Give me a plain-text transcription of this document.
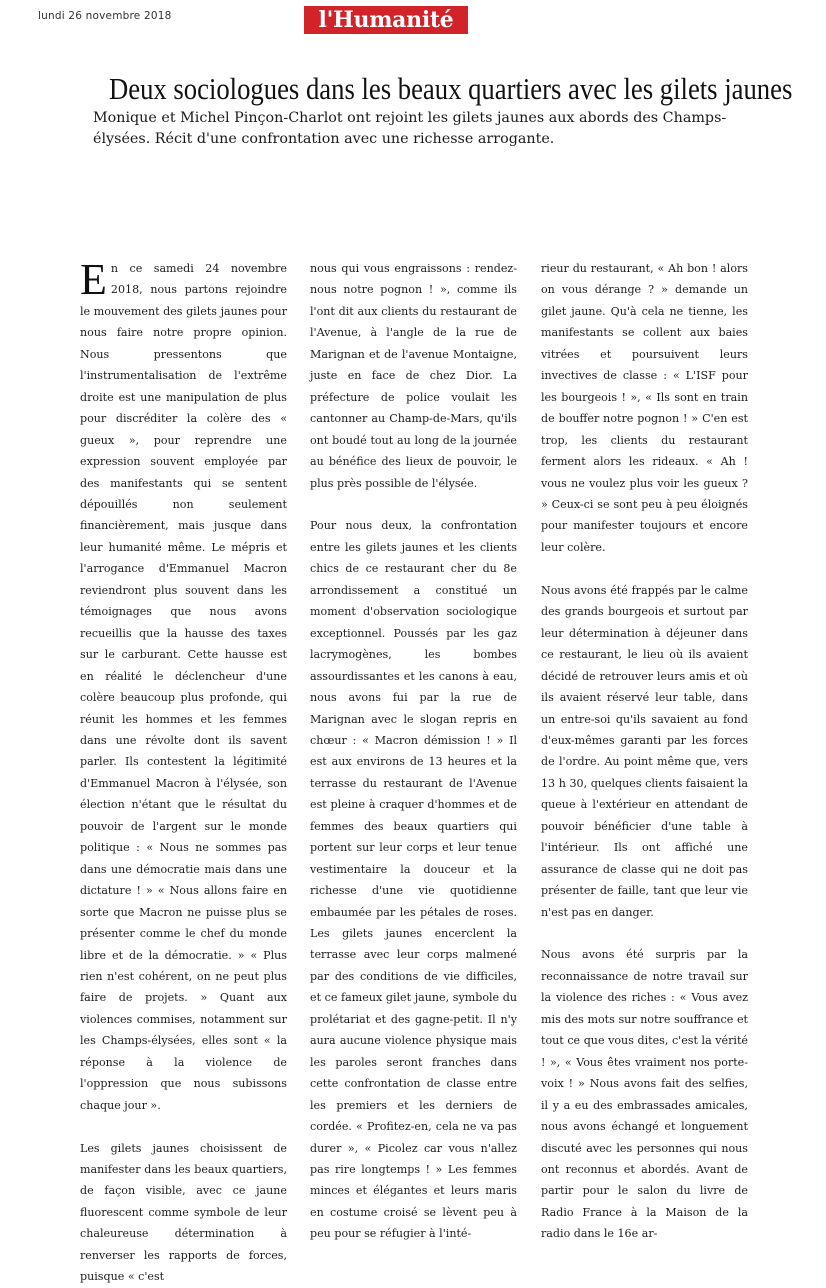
lundi 26 novembre 2018	l'Humanité
Deux sociologues dans les beaux quartiers avec les gilets jaunes
Monique et Michel Pinçon-Charlot ont rejoint les gilets jaunes aux abords des Champs-élysées. Récit d'une confrontation avec une richesse arrogante.

En ce samedi 24 novembre 2018, nous partons rejoindre le mouvement des gilets jaunes pour nous faire notre propre opinion. Nous pressentons que l'instrumentalisation de l'extrême droite est une manipulation de plus pour discréditer la colère des « gueux », pour reprendre une expression souvent employée par des manifestants qui se sentent dépouillés non seulement financièrement, mais jusque dans leur humanité même. Le mépris et l'arrogance d'Emmanuel Macron reviendront plus souvent dans les témoignages que nous avons recueillis que la hausse des taxes sur le carburant. Cette hausse est en réalité le déclencheur d'une colère beaucoup plus profonde, qui réunit les hommes et les femmes dans une révolte dont ils savent parler. Ils contestent la légitimité d'Emmanuel Macron à l'élysée, son élection n'étant que le résultat du pouvoir de l'argent sur le monde politique : « Nous ne sommes pas dans une démocratie mais dans une dictature ! » « Nous allons faire en sorte que Macron ne puisse plus se présenter comme le chef du monde libre et de la démocratie. » « Plus rien n'est cohérent, on ne peut plus faire de projets. » Quant aux violences commises, notamment sur les Champs-élysées, elles sont « la réponse à la violence de l'oppression que nous subissons chaque jour ».

Les gilets jaunes choisissent de manifester dans les beaux quartiers, de façon visible, avec ce jaune fluorescent comme symbole de leur chaleureuse détermination à renverser les rapports de forces, puisque « c'est

nous qui vous engraissons : rendez-nous notre pognon ! », comme ils l'ont dit aux clients du restaurant de l'Avenue, à l'angle de la rue de Marignan et de l'avenue Montaigne, juste en face de chez Dior. La préfecture de police voulait les cantonner au Champ-de-Mars, qu'ils ont boudé tout au long de la journée au bénéfice des lieux de pouvoir, le plus près possible de l'élysée.

Pour nous deux, la confrontation entre les gilets jaunes et les clients chics de ce restaurant cher du 8e arrondissement a constitué un moment d'observation sociologique exceptionnel. Poussés par les gaz lacrymogènes, les bombes assourdissantes et les canons à eau, nous avons fui par la rue de Marignan avec le slogan repris en chœur : « Macron démission ! » Il est aux environs de 13 heures et la terrasse du restaurant de l'Avenue est pleine à craquer d'hommes et de femmes des beaux quartiers qui portent sur leur corps et leur tenue vestimentaire la douceur et la richesse d'une vie quotidienne embaumée par les pétales de roses. Les gilets jaunes encerclent la terrasse avec leur corps malmené par des conditions de vie difficiles, et ce fameux gilet jaune, symbole du prolétariat et des gagne-petit. Il n'y aura aucune violence physique mais les paroles seront franches dans cette confrontation de classe entre les premiers et les derniers de cordée. « Profitez-en, cela ne va pas durer », « Picolez car vous n'allez pas rire longtemps ! » Les femmes minces et élégantes et leurs maris en costume croisé se lèvent peu à peu pour se réfugier à l'inté-

rieur du restaurant, « Ah bon ! alors on vous dérange ? » demande un gilet jaune. Qu'à cela ne tienne, les manifestants se collent aux baies vitrées et poursuivent leurs invectives de classe : « L'ISF pour les bourgeois ! », « Ils sont en train de bouffer notre pognon ! » C'en est trop, les clients du restaurant ferment alors les rideaux. « Ah ! vous ne voulez plus voir les gueux ? » Ceux-ci se sont peu à peu éloignés pour manifester toujours et encore leur colère.

Nous avons été frappés par le calme des grands bourgeois et surtout par leur détermination à déjeuner dans ce restaurant, le lieu où ils avaient décidé de retrouver leurs amis et où ils avaient réservé leur table, dans un entre-soi qu'ils savaient au fond d'eux-mêmes garanti par les forces de l'ordre. Au point même que, vers 13 h 30, quelques clients faisaient la queue à l'extérieur en attendant de pouvoir bénéficier d'une table à l'intérieur. Ils ont affiché une assurance de classe qui ne doit pas présenter de faille, tant que leur vie n'est pas en danger.

Nous avons été surpris par la reconnaissance de notre travail sur la violence des riches : « Vous avez mis des mots sur notre souffrance et tout ce que vous dites, c'est la vérité ! », « Vous êtes vraiment nos porte-voix ! » Nous avons fait des selfies, il y a eu des embrassades amicales, nous avons échangé et longuement discuté avec les personnes qui nous ont reconnus et abordés. Avant de partir pour le salon du livre de Radio France à la Maison de la radio dans le 16e ar-
